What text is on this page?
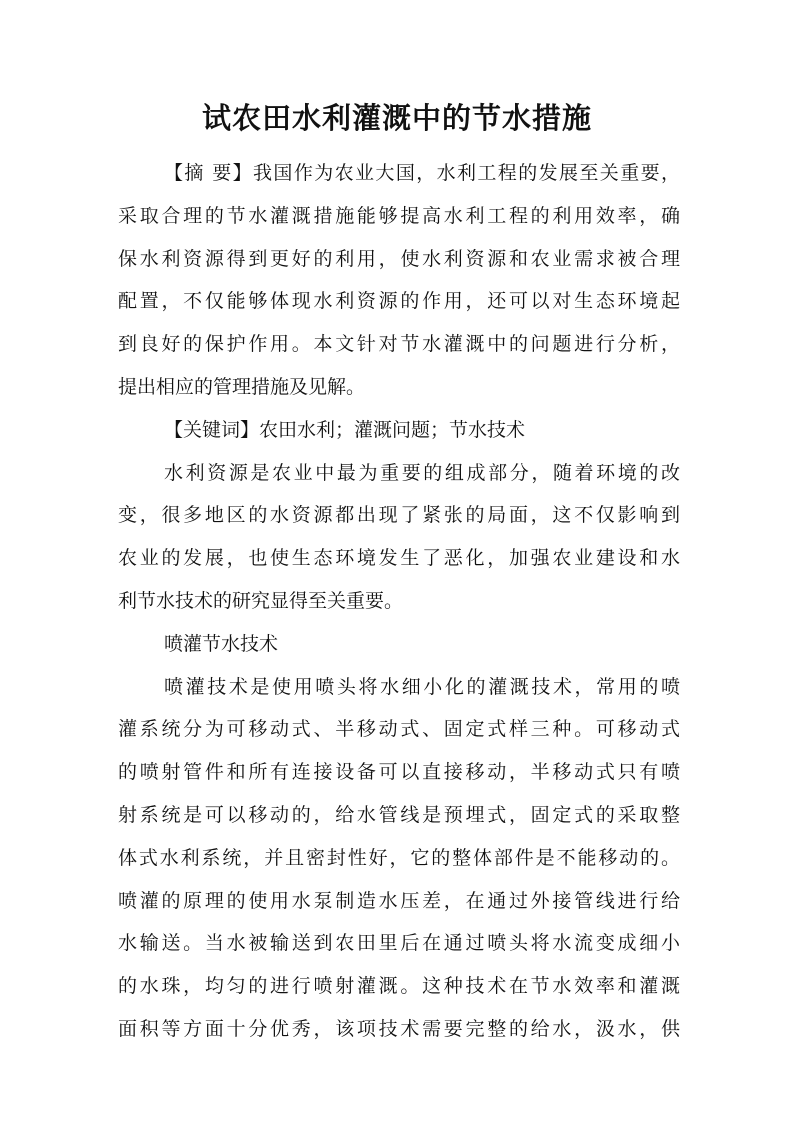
试农田水利灌溉中的节水措施
【摘 要】我国作为农业大国，水利工程的发展至关重要，
采取合理的节水灌溉措施能够提高水利工程的利用效率，确
保水利资源得到更好的利用，使水利资源和农业需求被合理
配置，不仅能够体现水利资源的作用，还可以对生态环境起
到良好的保护作用。本文针对节水灌溉中的问题进行分析，
提出相应的管理措施及见解。
【关键词】农田水利；灌溉问题；节水技术
水利资源是农业中最为重要的组成部分，随着环境的改
变，很多地区的水资源都出现了紧张的局面，这不仅影响到
农业的发展，也使生态环境发生了恶化，加强农业建设和水
利节水技术的研究显得至关重要。
喷灌节水技术
喷灌技术是使用喷头将水细小化的灌溉技术，常用的喷
灌系统分为可移动式、半移动式、固定式样三种。可移动式
的喷射管件和所有连接设备可以直接移动，半移动式只有喷
射系统是可以移动的，给水管线是预埋式，固定式的采取整
体式水利系统，并且密封性好，它的整体部件是不能移动的。
喷灌的原理的使用水泵制造水压差，在通过外接管线进行给
水输送。当水被输送到农田里后在通过喷头将水流变成细小
的水珠，均匀的进行喷射灌溉。这种技术在节水效率和灌溉
面积等方面十分优秀，该项技术需要完整的给水，汲水，供
